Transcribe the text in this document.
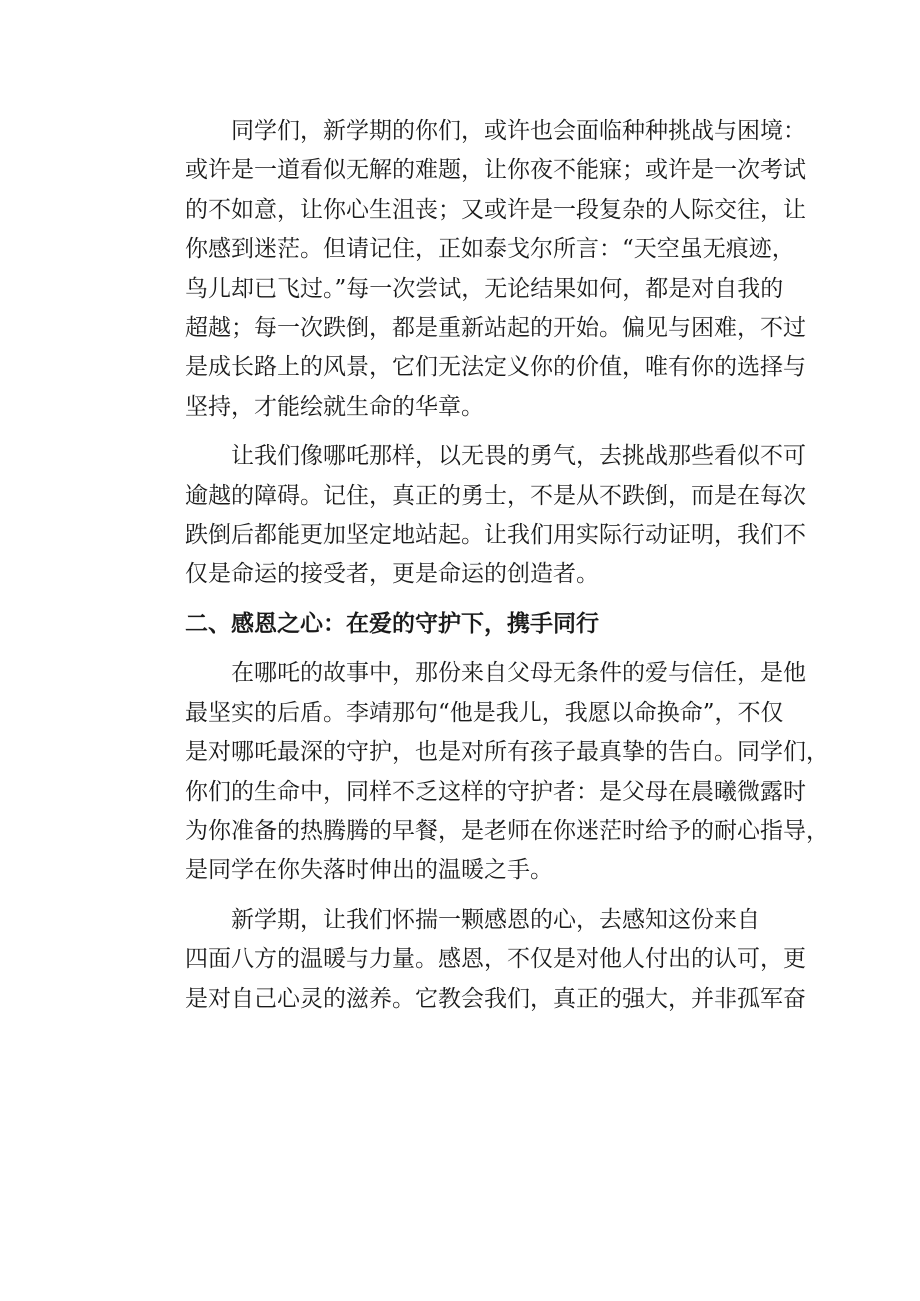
同学们，新学期的你们，或许也会面临种种挑战与困境：
或许是一道看似无解的难题，让你夜不能寐；或许是一次考试
的不如意，让你心生沮丧；又或许是一段复杂的人际交往，让
你感到迷茫。但请记住，正如泰戈尔所言：“天空虽无痕迹，
鸟儿却已飞过。”每一次尝试，无论结果如何，都是对自我的
超越；每一次跌倒，都是重新站起的开始。偏见与困难，不过
是成长路上的风景，它们无法定义你的价值，唯有你的选择与
坚持，才能绘就生命的华章。
让我们像哪吒那样，以无畏的勇气，去挑战那些看似不可
逾越的障碍。记住，真正的勇士，不是从不跌倒，而是在每次
跌倒后都能更加坚定地站起。让我们用实际行动证明，我们不
仅是命运的接受者，更是命运的创造者。
二、感恩之心：在爱的守护下，携手同行
在哪吒的故事中，那份来自父母无条件的爱与信任，是他
最坚实的后盾。李靖那句“他是我儿，我愿以命换命”，不仅
是对哪吒最深的守护，也是对所有孩子最真挚的告白。同学们，
你们的生命中，同样不乏这样的守护者：是父母在晨曦微露时
为你准备的热腾腾的早餐，是老师在你迷茫时给予的耐心指导，
是同学在你失落时伸出的温暖之手。
新学期，让我们怀揣一颗感恩的心，去感知这份来自
四面八方的温暖与力量。感恩，不仅是对他人付出的认可，更
是对自己心灵的滋养。它教会我们，真正的强大，并非孤军奋
